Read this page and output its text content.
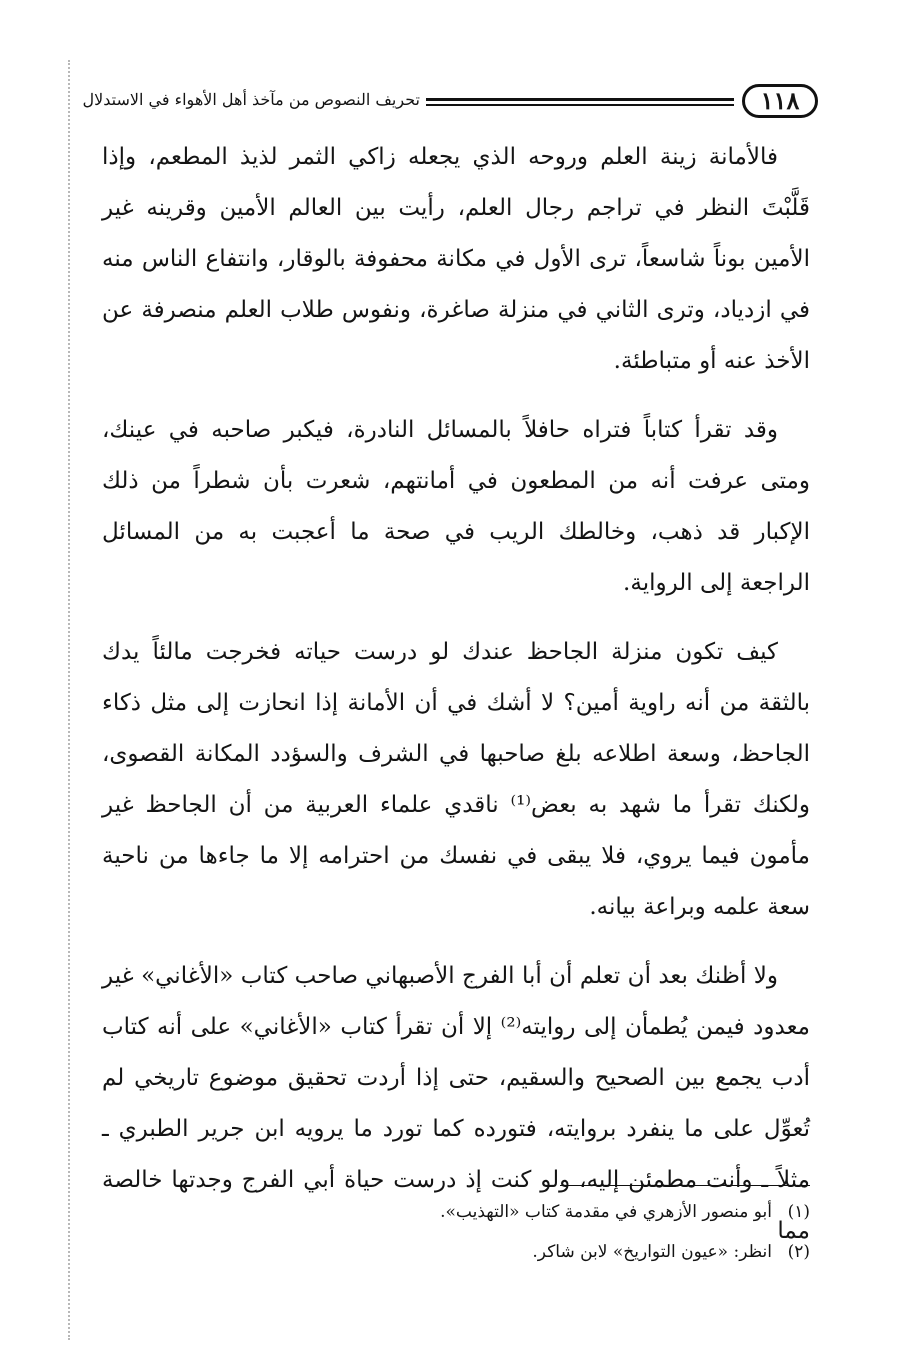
١١٨
تحريف النصوص من مآخذ أهل الأهواء في الاستدلال

فالأمانة زينة العلم وروحه الذي يجعله زاكي الثمر لذيذ المطعم، وإذا قَلَّبْتَ النظر في تراجم رجال العلم، رأيت بين العالم الأمين وقرينه غير الأمين بوناً شاسعاً، ترى الأول في مكانة محفوفة بالوقار، وانتفاع الناس منه في ازدياد، وترى الثاني في منزلة صاغرة، ونفوس طلاب العلم منصرفة عن الأخذ عنه أو متباطئة.

وقد تقرأ كتاباً فتراه حافلاً بالمسائل النادرة، فيكبر صاحبه في عينك، ومتى عرفت أنه من المطعون في أمانتهم، شعرت بأن شطراً من ذلك الإكبار قد ذهب، وخالطك الريب في صحة ما أعجبت به من المسائل الراجعة إلى الرواية.

كيف تكون منزلة الجاحظ عندك لو درست حياته فخرجت مالئاً يدك بالثقة من أنه راوية أمين؟ لا أشك في أن الأمانة إذا انحازت إلى مثل ذكاء الجاحظ، وسعة اطلاعه بلغ صاحبها في الشرف والسؤدد المكانة القصوى، ولكنك تقرأ ما شهد به بعض⁽¹⁾ ناقدي علماء العربية من أن الجاحظ غير مأمون فيما يروي، فلا يبقى في نفسك من احترامه إلا ما جاءها من ناحية سعة علمه وبراعة بيانه.

ولا أظنك بعد أن تعلم أن أبا الفرج الأصبهاني صاحب كتاب «الأغاني» غير معدود فيمن يُطمأن إلى روايته⁽²⁾ إلا أن تقرأ كتاب «الأغاني» على أنه كتاب أدب يجمع بين الصحيح والسقيم، حتى إذا أردت تحقيق موضوع تاريخي لم تُعوِّل على ما ينفرد بروايته، فتورده كما تورد ما يرويه ابن جرير الطبري ـ مثلاً ـ وأنت مطمئن إليه، ولو كنت إذ درست حياة أبي الفرج وجدتها خالصة مما

(١)
أبو منصور الأزهري في مقدمة كتاب «التهذيب».
(٢)
انظر: «عيون التواريخ» لابن شاكر.
